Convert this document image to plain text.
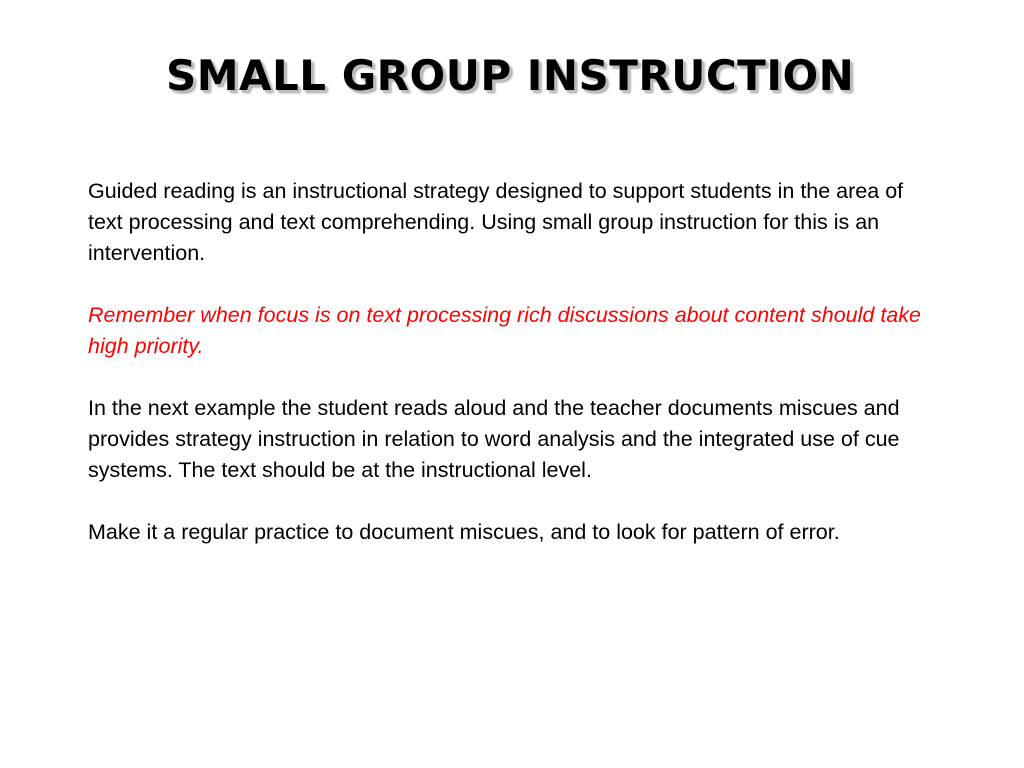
SMALL GROUP INSTRUCTION

Guided reading is an instructional strategy designed to support students in the area of text processing and text comprehending. Using small group instruction for this is an intervention.

Remember when focus is on text processing rich discussions about content should take high priority.

In the next example the student reads aloud and the teacher documents miscues and provides strategy instruction in relation to word analysis and the integrated use of cue systems. The text should be at the instructional level.

Make it a regular practice to document miscues, and to look for pattern of error.
